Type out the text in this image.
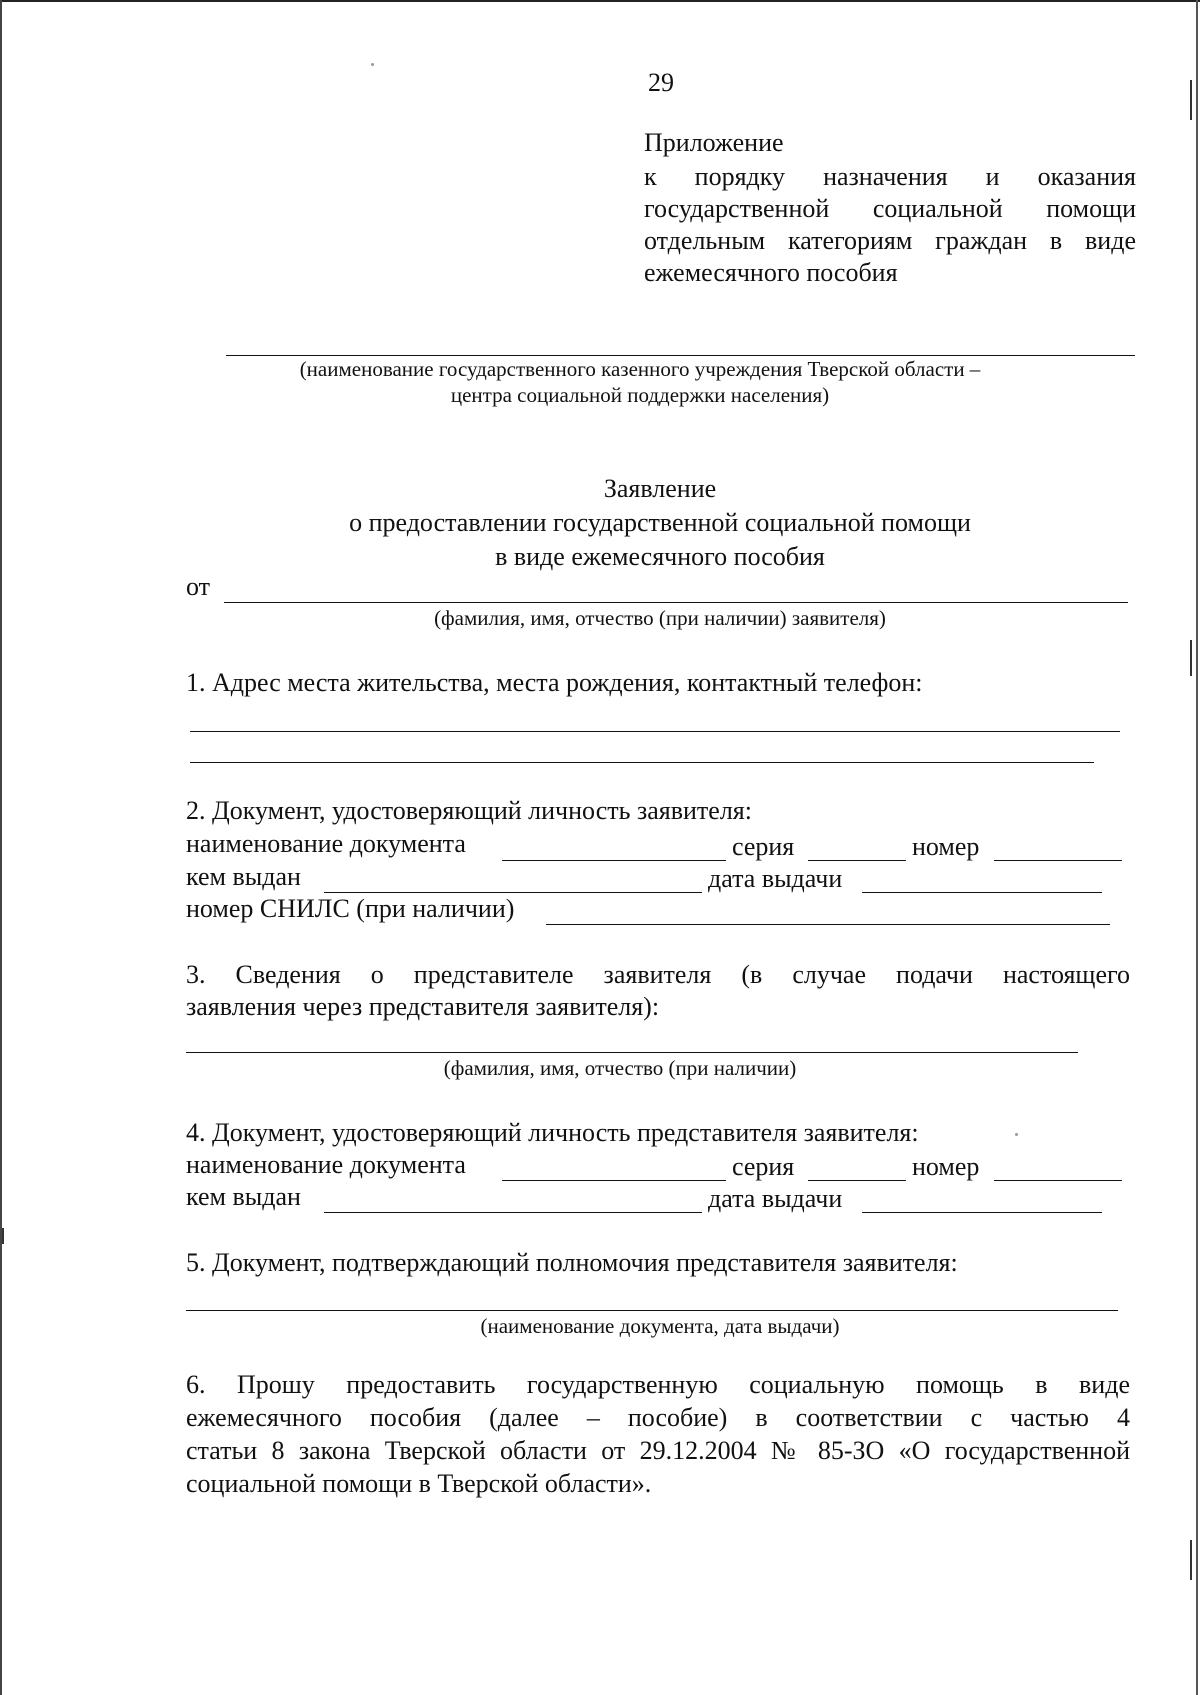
29
Приложение
к порядку назначения и оказания
государственной социальной помощи
отдельным категориям граждан в виде
ежемесячного пособия
(наименование государственного казенного учреждения Тверской области –
центра социальной поддержки населения)
Заявление
о предоставлении государственной социальной помощи
в виде ежемесячного пособия
от
(фамилия, имя, отчество (при наличии) заявителя)
1. Адрес места жительства, места рождения, контактный телефон:
2. Документ, удостоверяющий личность заявителя:
наименование документа	серия	номер
кем выдан	дата выдачи
номер СНИЛС (при наличии)
3. Сведения о представителе заявителя (в случае подачи настоящего
заявления через представителя заявителя):
(фамилия, имя, отчество (при наличии)
4. Документ, удостоверяющий личность представителя заявителя:
наименование документа	серия	номер
кем выдан	дата выдачи
5. Документ, подтверждающий полномочия представителя заявителя:
(наименование документа, дата выдачи)
6. Прошу предоставить государственную социальную помощь в виде
ежемесячного пособия (далее – пособие) в соответствии с частью 4
статьи 8 закона Тверской области от 29.12.2004 № 85-ЗО «О государственной
социальной помощи в Тверской области».
